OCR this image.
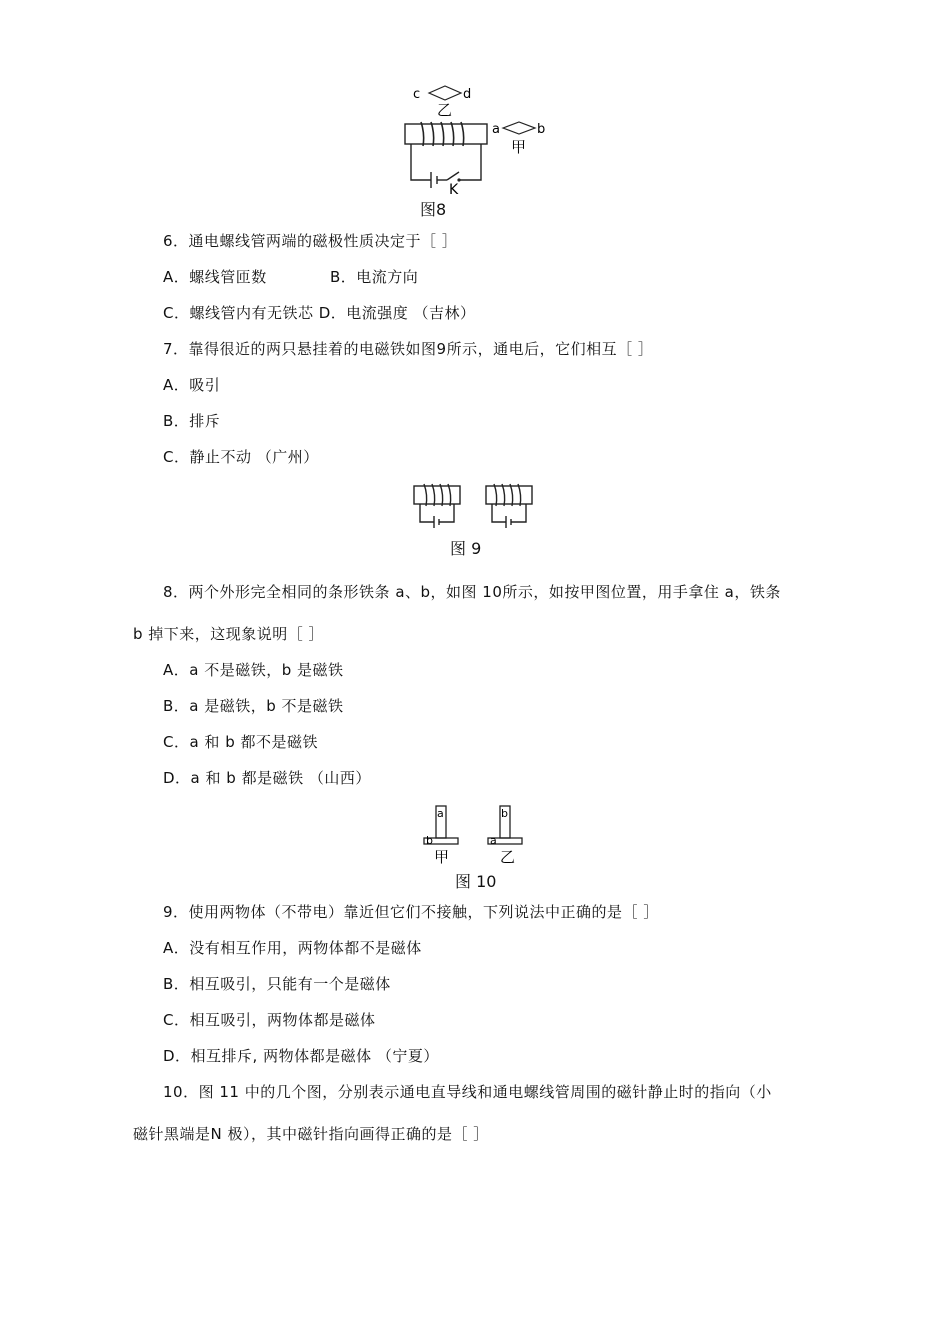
c	d
乙
a	b
甲
K
图8
6．通电螺线管两端的磁极性质决定于［ ］
A．螺线管匝数	B．电流方向
C．螺线管内有无铁芯 D．电流强度 （吉林）
7．靠得很近的两只悬挂着的电磁铁如图9所示，通电后，它们相互［ ］
A．吸引
B．排斥
C．静止不动 （广州）
图 9
8．两个外形完全相同的条形铁条 a、b，如图 10所示，如按甲图位置，用手拿住 a，铁条
b 掉下来，这现象说明［ ］
A．a 不是磁铁，b 是磁铁
B．a 是磁铁，b 不是磁铁
C．a 和 b 都不是磁铁
D．a 和 b 都是磁铁 （山西）
a
b
甲
b
a
乙
图 10
9．使用两物体（不带电）靠近但它们不接触，下列说法中正确的是［ ］
A．没有相互作用，两物体都不是磁体
B．相互吸引，只能有一个是磁体
C．相互吸引，两物体都是磁体
D．相互排斥, 两物体都是磁体 （宁夏）
10．图 11 中的几个图，分别表示通电直导线和通电螺线管周围的磁针静止时的指向（小
磁针黑端是N 极），其中磁针指向画得正确的是［ ］
